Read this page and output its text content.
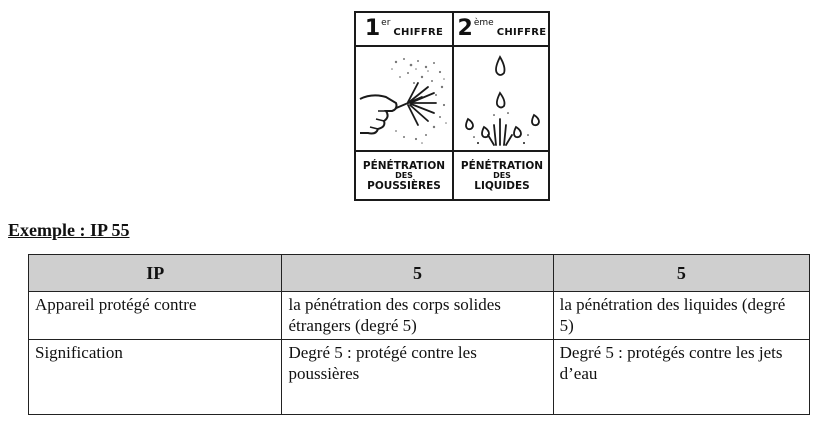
1 er
CHIFFRE 2 ème
CHIFFRE
PÉNÉTRATION
DES
POUSSIÈRES
PÉNÉTRATION
DES
LIQUIDES
Exemple : IP 55
IP	5	5
Appareil protégé contre	la pénétration des corps solides étrangers (degré 5)	la pénétration des liquides (degré 5)
Signification	Degré 5 : protégé contre les poussières	Degré 5 : protégés contre les jets d’eau
